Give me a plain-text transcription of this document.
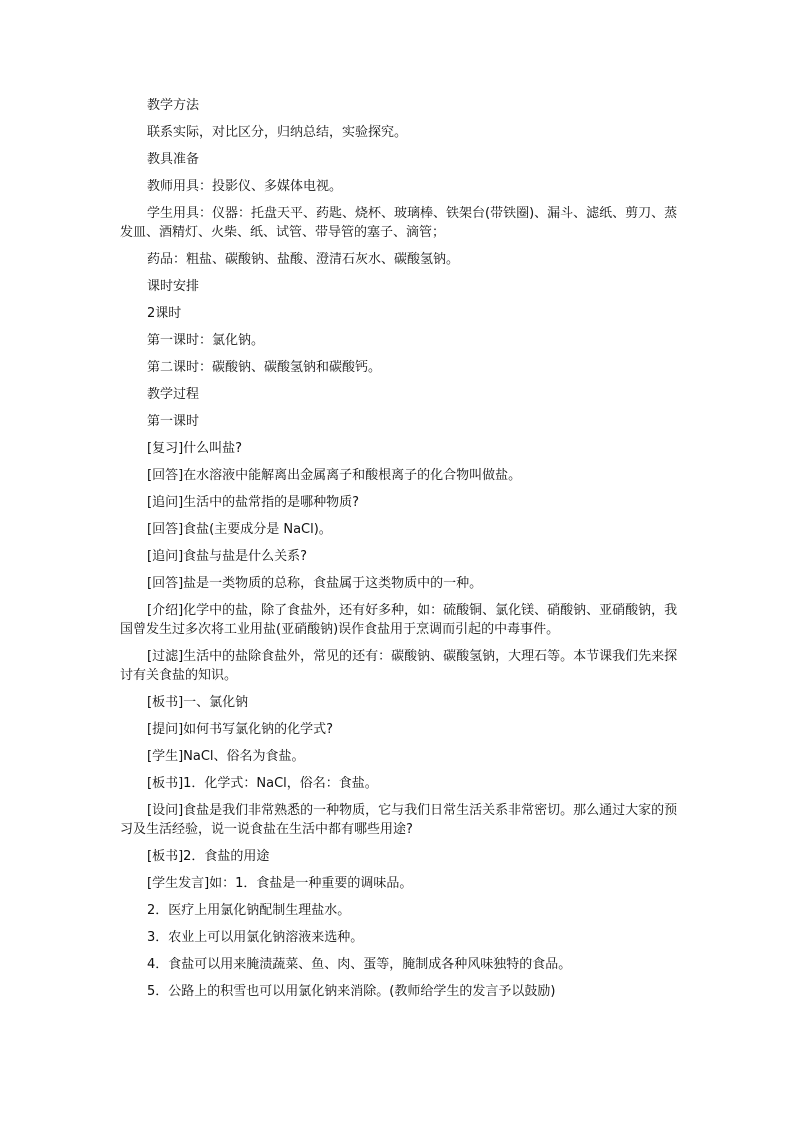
教学方法

联系实际，对比区分，归纳总结，实验探究。

教具准备

教师用具：投影仪、多媒体电视。

学生用具：仪器：托盘天平、药匙、烧杯、玻璃棒、铁架台(带铁圈)、漏斗、滤纸、剪刀、蒸发皿、酒精灯、火柴、纸、试管、带导管的塞子、滴管；

药品：粗盐、碳酸钠、盐酸、澄清石灰水、碳酸氢钠。

课时安排

2课时

第一课时：氯化钠。

第二课时：碳酸钠、碳酸氢钠和碳酸钙。

教学过程

第一课时

[复习]什么叫盐?

[回答]在水溶液中能解离出金属离子和酸根离子的化合物叫做盐。

[追问]生活中的盐常指的是哪种物质?

[回答]食盐(主要成分是 NaCl)。

[追问]食盐与盐是什么关系?

[回答]盐是一类物质的总称，食盐属于这类物质中的一种。

[介绍]化学中的盐，除了食盐外，还有好多种，如：硫酸铜、氯化镁、硝酸钠、亚硝酸钠，我国曾发生过多次将工业用盐(亚硝酸钠)误作食盐用于烹调而引起的中毒事件。

[过滤]生活中的盐除食盐外，常见的还有：碳酸钠、碳酸氢钠，大理石等。本节课我们先来探讨有关食盐的知识。

[板书]一、氯化钠

[提问]如何书写氯化钠的化学式?

[学生]NaCl、俗名为食盐。

[板书]1．化学式：NaCl，俗名：食盐。

[设问]食盐是我们非常熟悉的一种物质，它与我们日常生活关系非常密切。那么通过大家的预习及生活经验，说一说食盐在生活中都有哪些用途?

[板书]2．食盐的用途

[学生发言]如：1．食盐是一种重要的调味品。

2．医疗上用氯化钠配制生理盐水。

3．农业上可以用氯化钠溶液来选种。

4．食盐可以用来腌渍蔬菜、鱼、肉、蛋等，腌制成各种风味独特的食品。

5．公路上的积雪也可以用氯化钠来消除。(教师给学生的发言予以鼓励)
